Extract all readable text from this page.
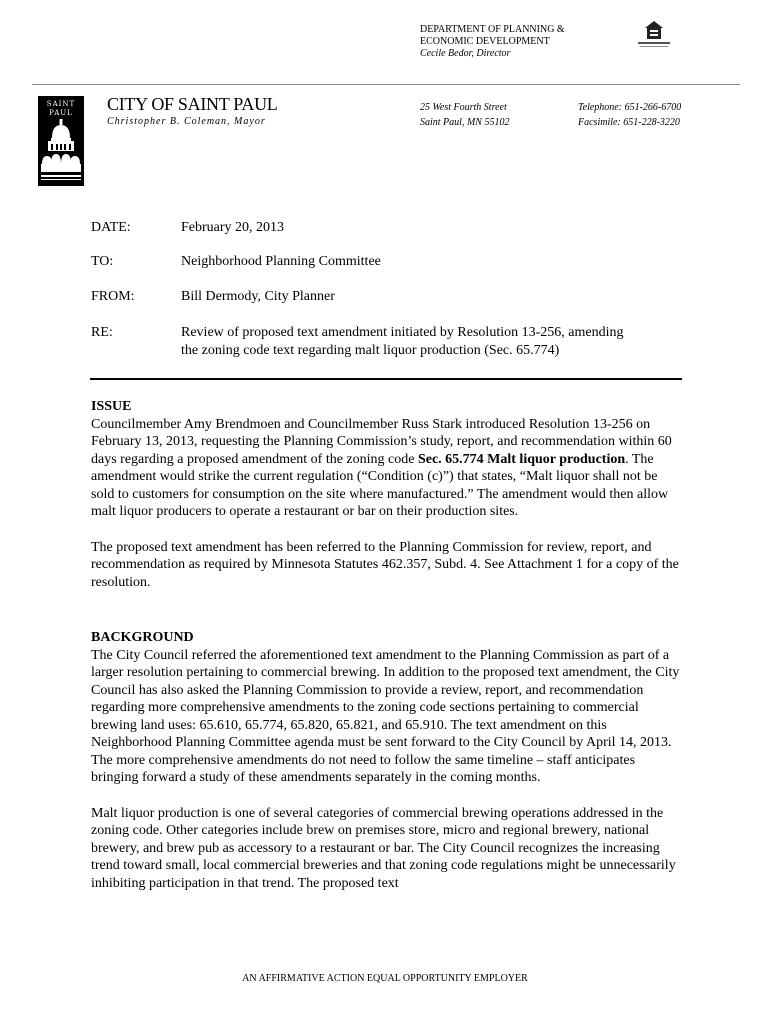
DEPARTMENT OF PLANNING &
ECONOMIC DEVELOPMENT
Cecile Bedor, Director
SAINT
PAUL CITY OF SAINT PAUL
Christopher B. Coleman, Mayor
25 West Fourth Street
Saint Paul, MN 55102
Telephone: 651-266-6700
Facsimile: 651-228-3220
DATE:	February 20, 2013
TO:	Neighborhood Planning Committee
FROM:	Bill Dermody, City Planner
RE:	Review of proposed text amendment initiated by Resolution 13-256, amending
the zoning code text regarding malt liquor production (Sec. 65.774)
ISSUE

Councilmember Amy Brendmoen and Councilmember Russ Stark introduced Resolution 13-256 on February 13, 2013, requesting the Planning Commission’s study, report, and recommendation within 60 days regarding a proposed amendment of the zoning code Sec. 65.774 Malt liquor production. The amendment would strike the current regulation (“Condition (c)”) that states, “Malt liquor shall not be sold to customers for consumption on the site where manufactured.” The amendment would then allow malt liquor producers to operate a restaurant or bar on their production sites.

The proposed text amendment has been referred to the Planning Commission for review, report, and recommendation as required by Minnesota Statutes 462.357, Subd. 4. See Attachment 1 for a copy of the resolution.

BACKGROUND

The City Council referred the aforementioned text amendment to the Planning Commission as part of a larger resolution pertaining to commercial brewing. In addition to the proposed text amendment, the City Council has also asked the Planning Commission to provide a review, report, and recommendation regarding more comprehensive amendments to the zoning code sections pertaining to commercial brewing land uses: 65.610, 65.774, 65.820, 65.821, and 65.910. The text amendment on this Neighborhood Planning Committee agenda must be sent forward to the City Council by April 14, 2013. The more comprehensive amendments do not need to follow the same timeline – staff anticipates bringing forward a study of these amendments separately in the coming months.

Malt liquor production is one of several categories of commercial brewing operations addressed in the zoning code. Other categories include brew on premises store, micro and regional brewery, national brewery, and brew pub as accessory to a restaurant or bar. The City Council recognizes the increasing trend toward small, local commercial breweries and that zoning code regulations might be unnecessarily inhibiting participation in that trend. The proposed text

AN AFFIRMATIVE ACTION EQUAL OPPORTUNITY EMPLOYER
